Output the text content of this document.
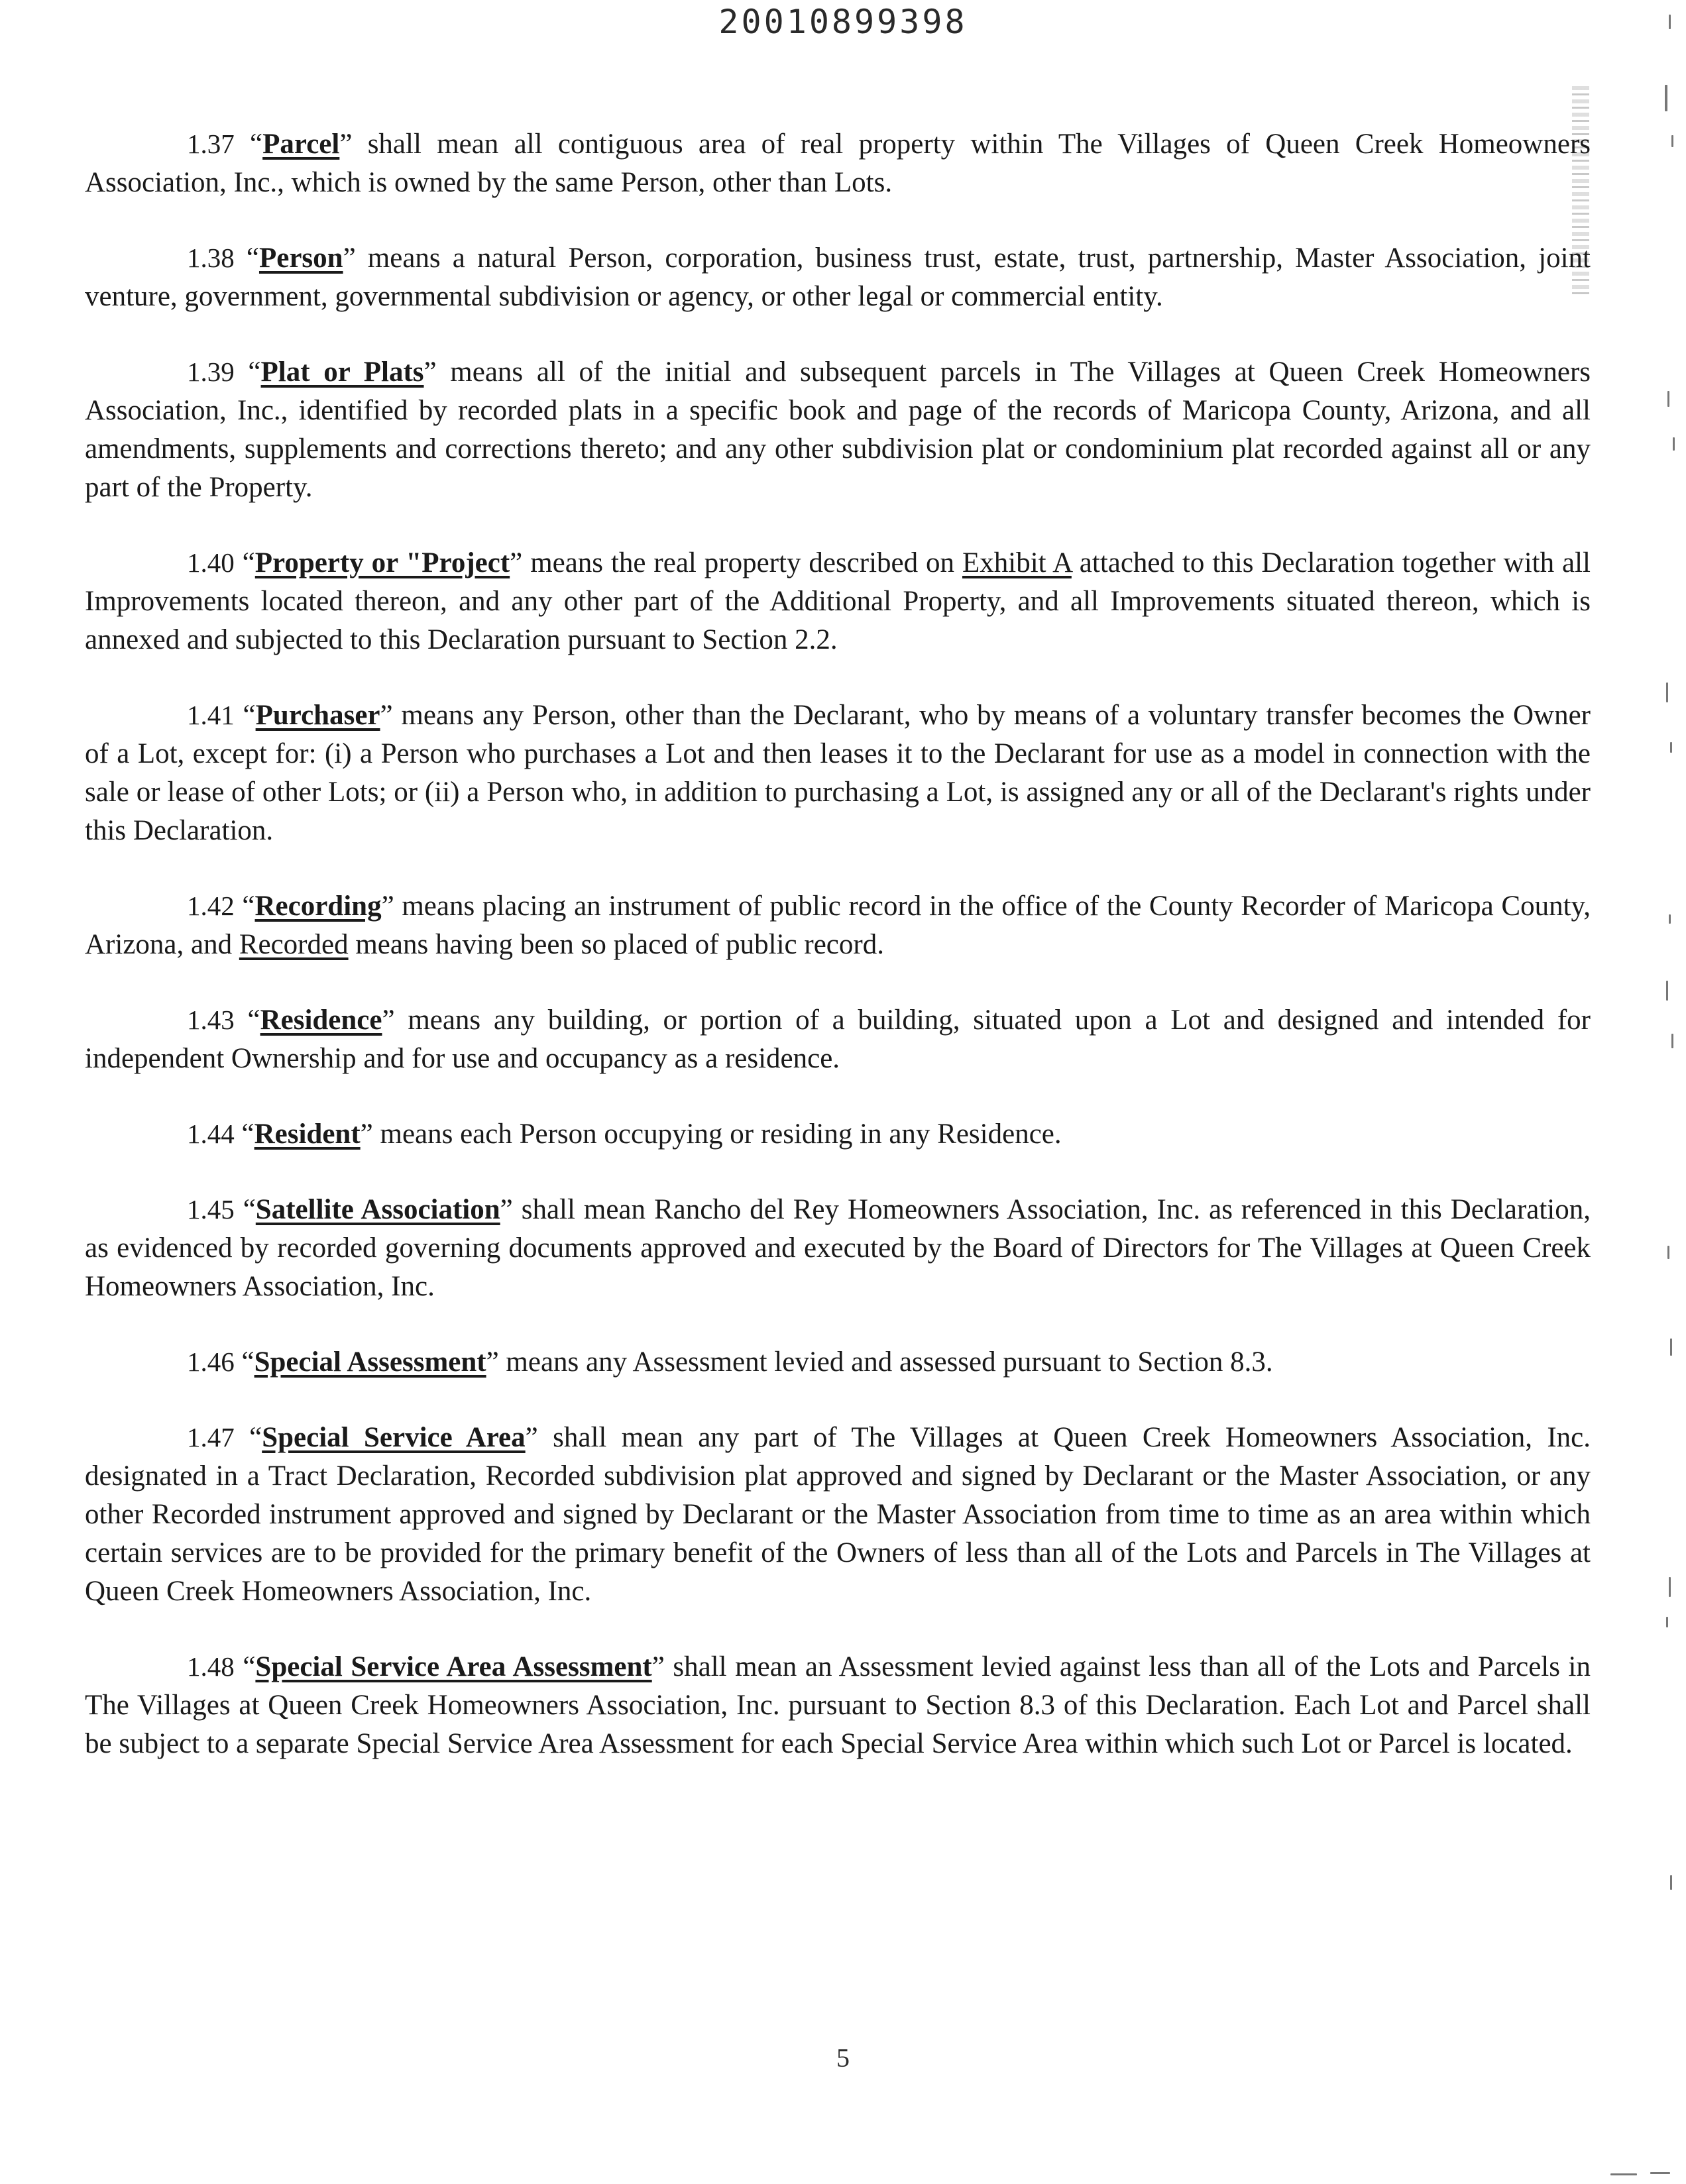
20010899398

1.37 “Parcel” shall mean all contiguous area of real property within The Villages of Queen Creek Homeowners Association, Inc., which is owned by the same Person, other than Lots.

1.38 “Person” means a natural Person, corporation, business trust, estate, trust, partnership, Master Association, joint venture, government, governmental subdivision or agency, or other legal or commercial entity.

1.39 “Plat or Plats” means all of the initial and subsequent parcels in The Villages at Queen Creek Homeowners Association, Inc., identified by recorded plats in a specific book and page of the records of Maricopa County, Arizona, and all amendments, supplements and corrections thereto; and any other subdivision plat or condominium plat recorded against all or any part of the Property.

1.40 “Property or "Project” means the real property described on Exhibit A attached to this Declaration together with all Improvements located thereon, and any other part of the Additional Property, and all Improvements situated thereon, which is annexed and subjected to this Declaration pursuant to Section 2.2.

1.41 “Purchaser” means any Person, other than the Declarant, who by means of a voluntary transfer becomes the Owner of a Lot, except for: (i) a Person who purchases a Lot and then leases it to the Declarant for use as a model in connection with the sale or lease of other Lots; or (ii) a Person who, in addition to purchasing a Lot, is assigned any or all of the Declarant's rights under this Declaration.

1.42 “Recording” means placing an instrument of public record in the office of the County Recorder of Maricopa County, Arizona, and Recorded means having been so placed of public record.

1.43 “Residence” means any building, or portion of a building, situated upon a Lot and designed and intended for independent Ownership and for use and occupancy as a residence.

1.44 “Resident” means each Person occupying or residing in any Residence.

1.45 “Satellite Association” shall mean Rancho del Rey Homeowners Association, Inc. as referenced in this Declaration, as evidenced by recorded governing documents approved and executed by the Board of Directors for The Villages at Queen Creek Homeowners Association, Inc.

1.46 “Special Assessment” means any Assessment levied and assessed pursuant to Section 8.3.

1.47 “Special Service Area” shall mean any part of The Villages at Queen Creek Homeowners Association, Inc. designated in a Tract Declaration, Recorded subdivision plat approved and signed by Declarant or the Master Association, or any other Recorded instrument approved and signed by Declarant or the Master Association from time to time as an area within which certain services are to be provided for the primary benefit of the Owners of less than all of the Lots and Parcels in The Villages at Queen Creek Homeowners Association, Inc.

1.48 “Special Service Area Assessment” shall mean an Assessment levied against less than all of the Lots and Parcels in The Villages at Queen Creek Homeowners Association, Inc. pursuant to Section 8.3 of this Declaration. Each Lot and Parcel shall be subject to a separate Special Service Area Assessment for each Special Service Area within which such Lot or Parcel is located.

5
